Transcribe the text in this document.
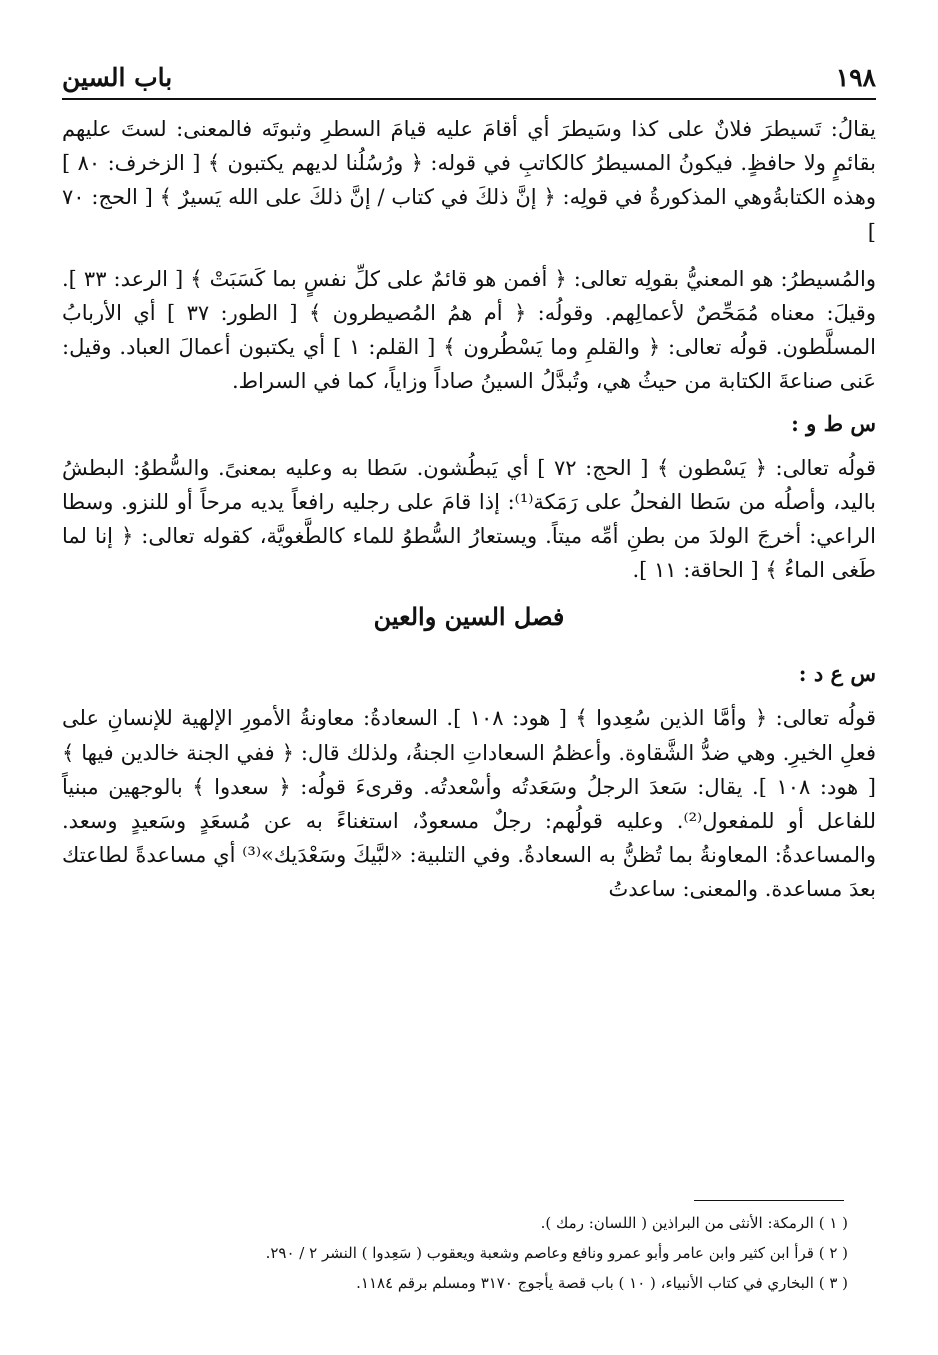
١٩٨
باب السين

يقالُ: تَسيطرَ فلانٌ على كذا وسَيطرَ أي أقامَ عليه قيامَ السطرِ وثبوتَه فالمعنى: لستَ عليهم بقائمٍ ولا حافظٍ. فيكونُ المسيطرُ كالكاتبِ في قوله: ﴿ ورُسُلُنا لديهم يكتبون ﴾ [ الزخرف: ٨٠ ] وهذه الكتابةُوهي المذكورةُ في قولِه: ﴿ إنَّ ذلكَ في كتاب / إنَّ ذلكَ على الله يَسيرٌ ﴾ [ الحج: ٧٠ ]

والمُسيطرُ: هو المعنيُّ بقولِه تعالى: ﴿ أفمن هو قائمٌ على كلِّ نفسٍ بما كَسَبَتْ ﴾ [ الرعد: ٣٣ ]. وقيلَ: معناه مُمَحِّصٌ لأعمالِهم. وقولُه: ﴿ أم همُ المُصيطرون ﴾ [ الطور: ٣٧ ] أي الأربابُ المسلَّطون. قولُه تعالى: ﴿ والقلمِ وما يَسْطُرون ﴾ [ القلم: ١ ] أي يكتبون أعمالَ العباد. وقيل: عَنى صناعةَ الكتابة من حيثُ هي، وتُبدَّلُ السينُ صاداً وزاياً، كما في السراط.

س ط و :

قولُه تعالى: ﴿ يَسْطون ﴾ [ الحج: ٧٢ ] أي يَبطُشون. سَطا به وعليه بمعنىً. والسُّطوُ: البطشُ باليد، وأصلُه من سَطا الفحلُ على رَمَكة⁽¹⁾: إذا قامَ على رجليه رافعاً يديه مرحاً أو للنزو. وسطا الراعي: أخرجَ الولدَ من بطنِ أمِّه ميتاً. ويستعارُ السُّطوُ للماء كالطَّغويَّة، كقوله تعالى: ﴿ إنا لما طَغى الماءُ ﴾ [ الحاقة: ١١ ].

فصل السين والعين

س ع د :

قولُه تعالى: ﴿ وأمَّا الذين سُعِدوا ﴾ [ هود: ١٠٨ ]. السعادةُ: معاونةُ الأمورِ الإلهية للإنسانِ على فعلِ الخيرِ. وهي ضدُّ الشَّقاوة. وأعظمُ السعاداتِ الجنةُ، ولذلك قال: ﴿ ففي الجنة خالدين فيها ﴾ [ هود: ١٠٨ ]. يقال: سَعدَ الرجلُ وسَعَدتُه وأسْعدتُه. وقرىءَ قولُه: ﴿ سعدوا ﴾ بالوجهين مبنياً للفاعل أو للمفعول⁽²⁾. وعليه قولُهم: رجلٌ مسعودٌ، استغناءً به عن مُسعَدٍ وسَعيدٍ وسعد. والمساعدةُ: المعاونةُ بما تُظنُّ به السعادةُ. وفي التلبية: «لبَّيكَ وسَعْدَيك»⁽³⁾ أي مساعدةً لطاعتك بعدَ مساعدة. والمعنى: ساعدتُ

( ١ ) الرمكة: الأنثى من البراذين ( اللسان: رمك ).

( ٢ ) قرأ ابن كثير وابن عامر وأبو عمرو ونافع وعاصم وشعبة ويعقوب ( سَعِدوا ) النشر ٢ / ٢٩٠.

( ٣ ) البخاري في كتاب الأنبياء، ( ١٠ ) باب قصة يأجوج ٣١٧٠ ومسلم برقم ١١٨٤.
